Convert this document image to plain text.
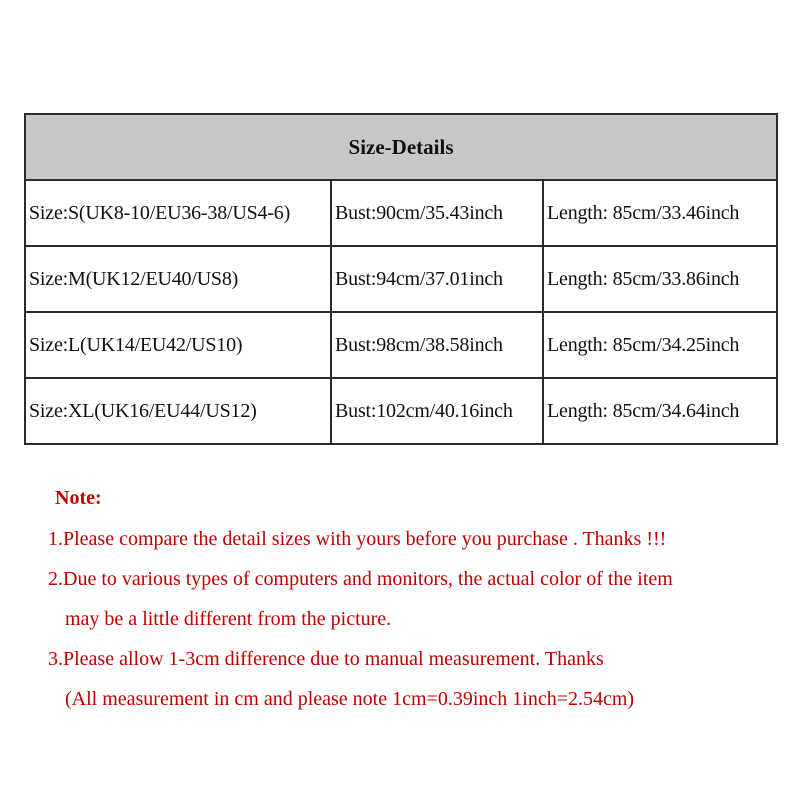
Size-Details		
Size:S(UK8-10/EU36-38/US4-6)	Bust:90cm/35.43inch	Length: 85cm/33.46inch
Size:M(UK12/EU40/US8)	Bust:94cm/37.01inch	Length: 85cm/33.86inch
Size:L(UK14/EU42/US10)	Bust:98cm/38.58inch	Length: 85cm/34.25inch
Size:XL(UK16/EU44/US12)	Bust:102cm/40.16inch	Length: 85cm/34.64inch
Note:
1.Please compare the detail sizes with yours before you purchase . Thanks !!!
2.Due to various types of computers and monitors, the actual color of the item
may be a little different from the picture.
3.Please allow 1-3cm difference due to manual measurement. Thanks
(All measurement in cm and please note 1cm=0.39inch 1inch=2.54cm)
